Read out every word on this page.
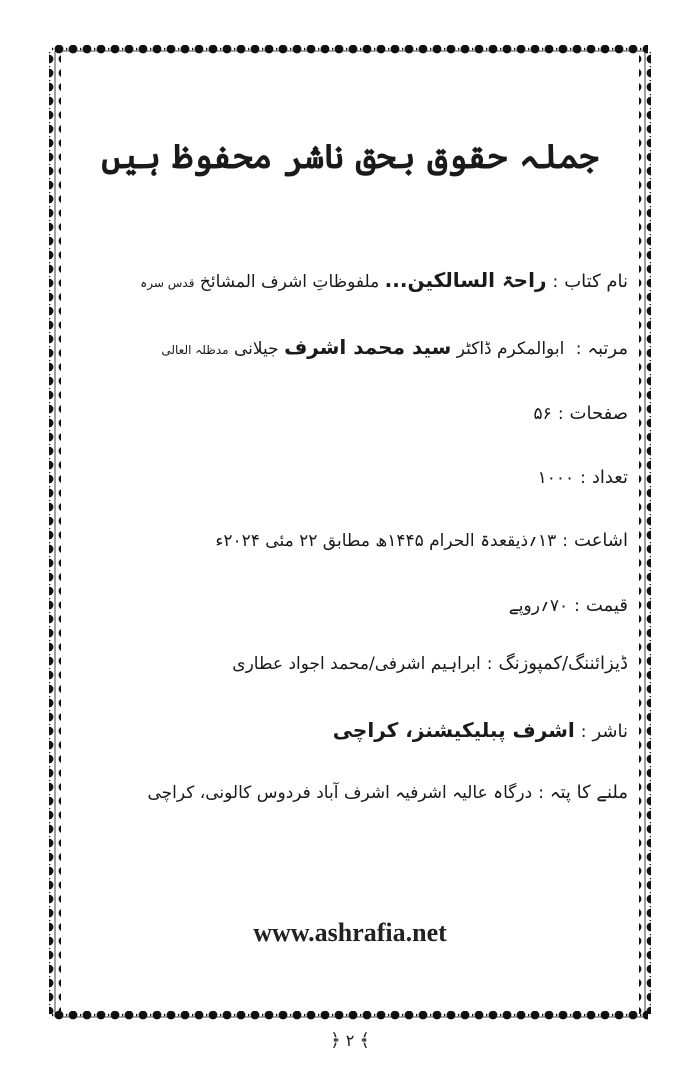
جملہ حقوق بحق ناشر محفوظ ہیں
نام کتاب:راحۃ السالکین... ملفوظاتِ اشرف المشائخ قدس سرہ
مرتبہ: ابوالمکرم ڈاکٹر سید محمد اشرف جیلانی مدظلہ العالی
صفحات:۵۶
تعداد:۱۰۰۰
اشاعت:۱۳؍ذیقعدۃ الحرام ۱۴۴۵ھ مطابق ۲۲ مئی ۲۰۲۴ء
قیمت:۷۰؍روپے
ڈیزائننگ/کمپوزنگ:ابراہیم اشرفی/محمد اجواد عطاری
ناشر:اشرف پبلیکیشنز، کراچی
ملنے کا پتہ:درگاہ عالیہ اشرفیہ اشرف آباد فردوس کالونی، کراچی
www.ashrafia.net
﴾ ۲ ﴿
